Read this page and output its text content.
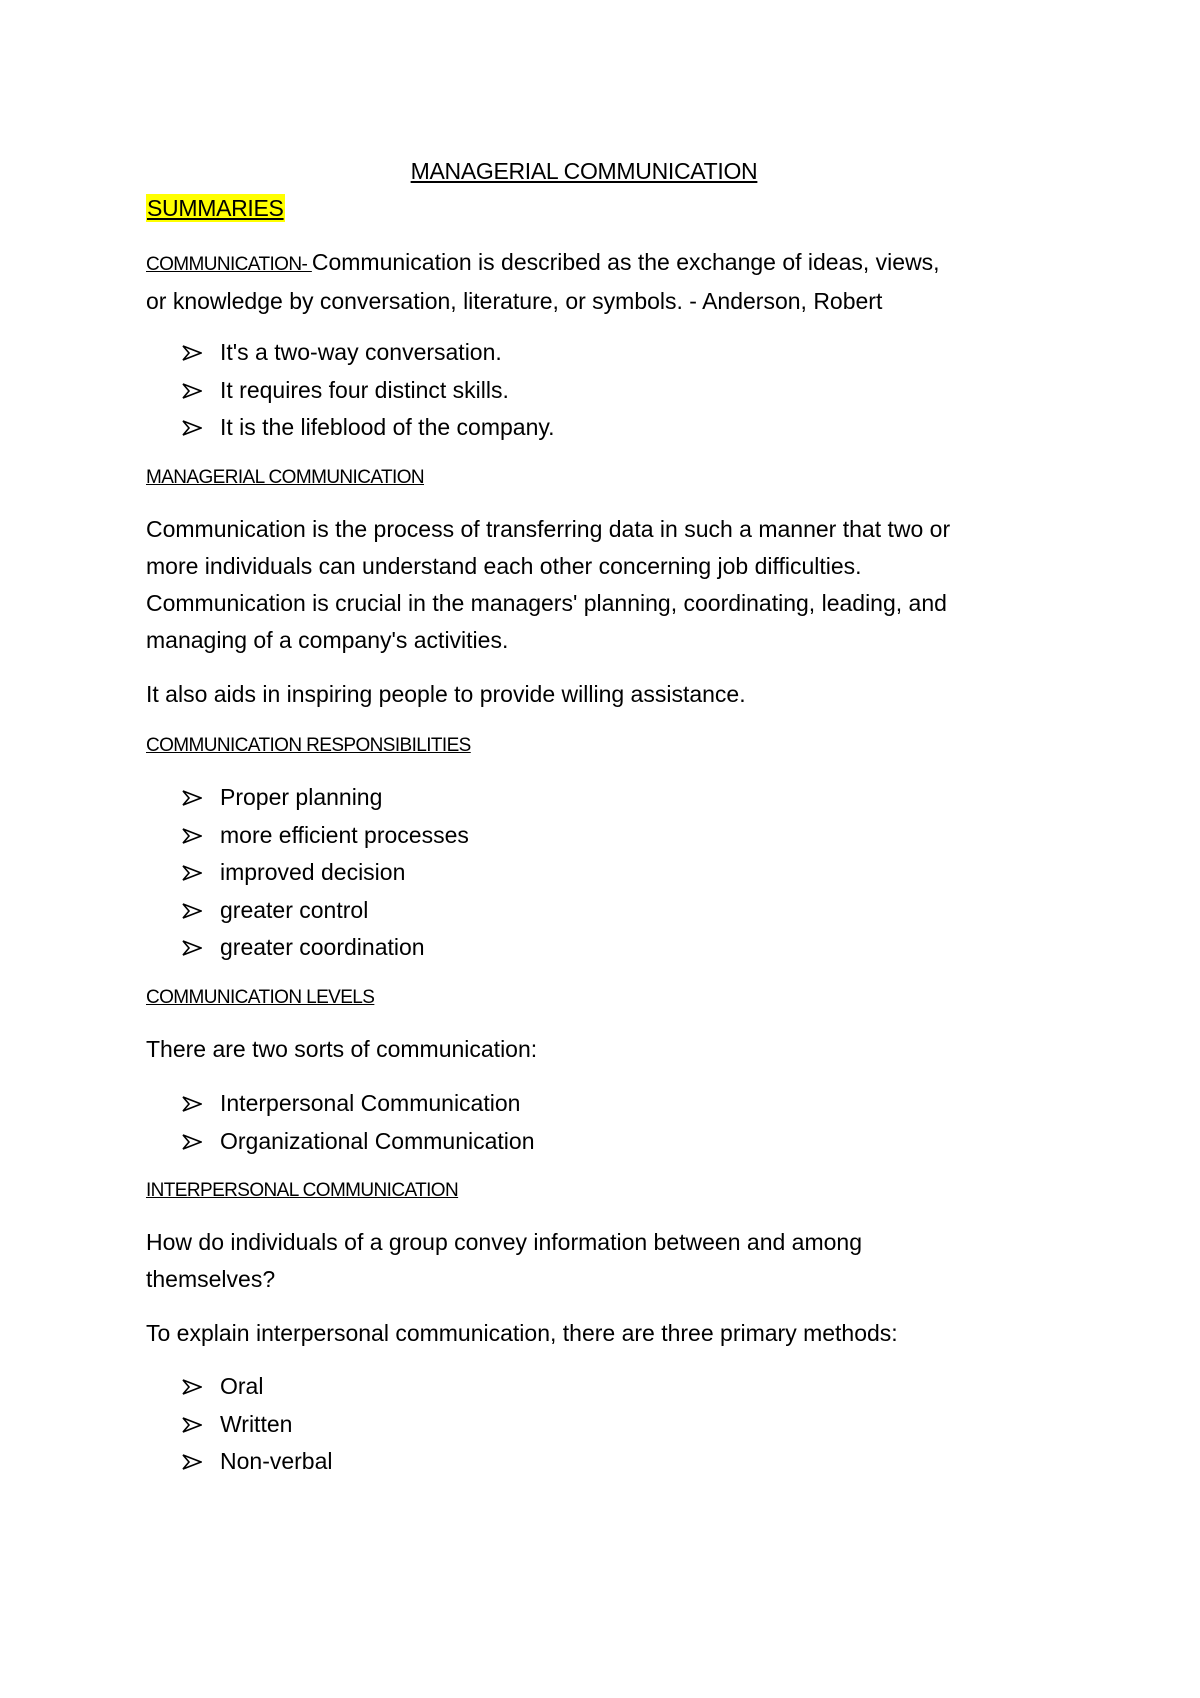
MANAGERIAL COMMUNICATION
SUMMARIES
COMMUNICATION- Communication is described as the exchange of ideas, views,
or knowledge by conversation, literature, or symbols. - Anderson, Robert
It's a two-way conversation.
It requires four distinct skills.
It is the lifeblood of the company.
MANAGERIAL COMMUNICATION
Communication is the process of transferring data in such a manner that two or
more individuals can understand each other concerning job difficulties.
Communication is crucial in the managers' planning, coordinating, leading, and
managing of a company's activities.
It also aids in inspiring people to provide willing assistance.
COMMUNICATION RESPONSIBILITIES
Proper planning
more efficient processes
improved decision
greater control
greater coordination
COMMUNICATION LEVELS
There are two sorts of communication:
Interpersonal Communication
Organizational Communication
INTERPERSONAL COMMUNICATION
How do individuals of a group convey information between and among
themselves?
To explain interpersonal communication, there are three primary methods:
Oral
Written
Non-verbal
